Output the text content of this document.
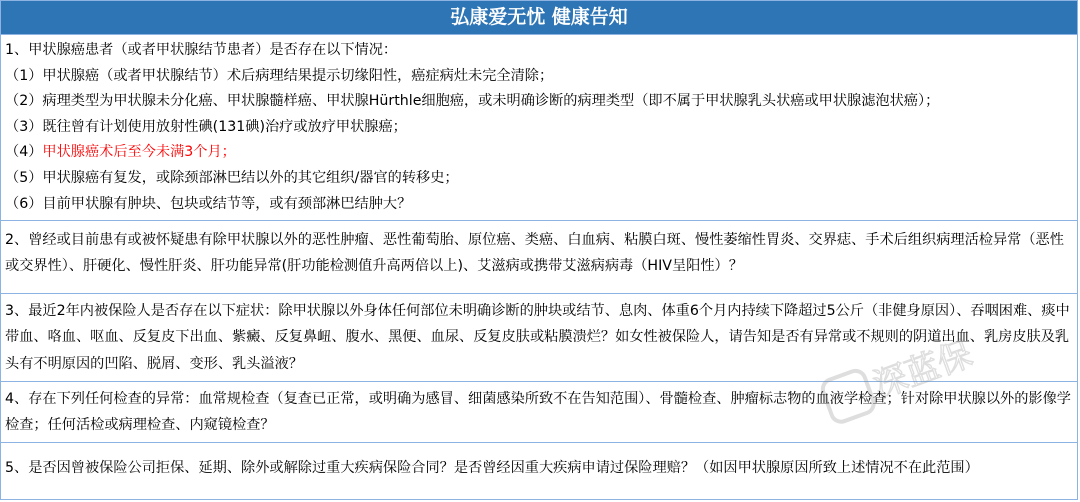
弘康爱无忧 健康告知
1、甲状腺癌患者（或者甲状腺结节患者）是否存在以下情况：
（1）甲状腺癌（或者甲状腺结节）术后病理结果提示切缘阳性，癌症病灶未完全清除；
（2）病理类型为甲状腺未分化癌、甲状腺髓样癌、甲状腺Hürthle细胞癌，或未明确诊断的病理类型（即不属于甲状腺乳头状癌或甲状腺滤泡状癌）；
（3）既往曾有计划使用放射性碘(131碘)治疗或放疗甲状腺癌；
（4）甲状腺癌术后至今未满3个月；
（5）甲状腺癌有复发，或除颈部淋巴结以外的其它组织/器官的转移史；
（6）目前甲状腺有肿块、包块或结节等，或有颈部淋巴结肿大？
2、曾经或目前患有或被怀疑患有除甲状腺以外的恶性肿瘤、恶性葡萄胎、原位癌、类癌、白血病、粘膜白斑、慢性萎缩性胃炎、交界痣、手术后组织病理活检异常（恶性或交界性）、肝硬化、慢性肝炎、肝功能异常(肝功能检测值升高两倍以上)、艾滋病或携带艾滋病病毒（HIV呈阳性）？
3、最近2年内被保险人是否存在以下症状：除甲状腺以外身体任何部位未明确诊断的肿块或结节、息肉、体重6个月内持续下降超过5公斤（非健身原因）、吞咽困难、痰中带血、咯血、呕血、反复皮下出血、紫癜、反复鼻衄、腹水、黑便、血尿、反复皮肤或粘膜溃烂？如女性被保险人，请告知是否有异常或不规则的阴道出血、乳房皮肤及乳头有不明原因的凹陷、脱屑、变形、乳头溢液？
4、存在下列任何检查的异常：血常规检查（复查已正常，或明确为感冒、细菌感染所致不在告知范围）、骨髓检查、肿瘤标志物的血液学检查；针对除甲状腺以外的影像学检查；任何活检或病理检查、内窥镜检查？
5、是否因曾被保险公司拒保、延期、除外或解除过重大疾病保险合同？是否曾经因重大疾病申请过保险理赔？（如因甲状腺原因所致上述情况不在此范围）
深蓝保
